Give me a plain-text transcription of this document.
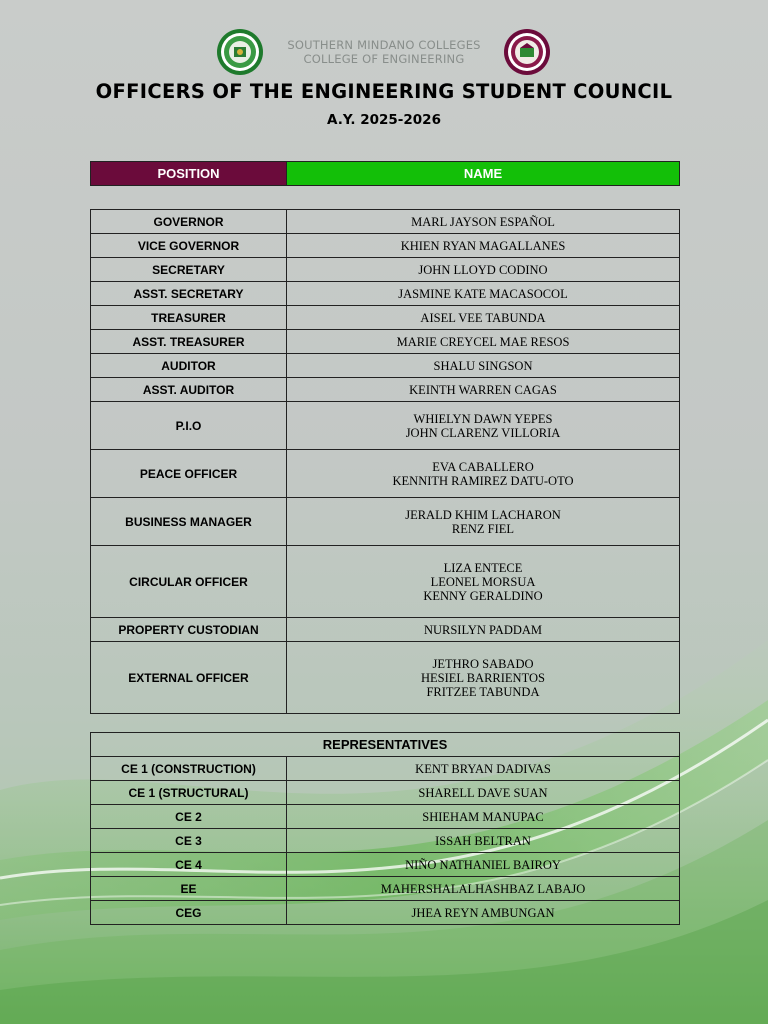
SOUTHERN MINDANO COLLEGES
COLLEGE OF ENGINEERING
OFFICERS OF THE ENGINEERING STUDENT COUNCIL
A.Y. 2025-2026
POSITION	NAME
GOVERNOR	MARL JAYSON ESPAÑOL

VICE GOVERNOR	KHIEN RYAN MAGALLANES

SECRETARY	JOHN LLOYD CODINO

ASST. SECRETARY	JASMINE KATE MACASOCOL

TREASURER	AISEL VEE TABUNDA

ASST. TREASURER	MARIE CREYCEL MAE RESOS

AUDITOR	SHALU SINGSON

ASST. AUDITOR	KEINTH WARREN CAGAS

P.I.O	WHIELYN DAWN YEPES
JOHN CLARENZ VILLORIA

PEACE OFFICER	EVA CABALLERO
KENNITH RAMIREZ DATU-OTO

BUSINESS MANAGER	JERALD KHIM LACHARON
RENZ FIEL

CIRCULAR OFFICER	LIZA ENTECE
LEONEL MORSUA
KENNY GERALDINO

PROPERTY CUSTODIAN	NURSILYN PADDAM

EXTERNAL OFFICER	JETHRO SABADO
HESIEL BARRIENTOS
FRITZEE TABUNDA
REPRESENTATIVES	
CE 1 (CONSTRUCTION)	KENT BRYAN DADIVAS

CE 1 (STRUCTURAL)	SHARELL DAVE SUAN

CE 2	SHIEHAM MANUPAC

CE 3	ISSAH BELTRAN

CE 4	NIÑO NATHANIEL BAIROY

EE	MAHERSHALALHASHBAZ LABAJO

CEG	JHEA REYN AMBUNGAN
